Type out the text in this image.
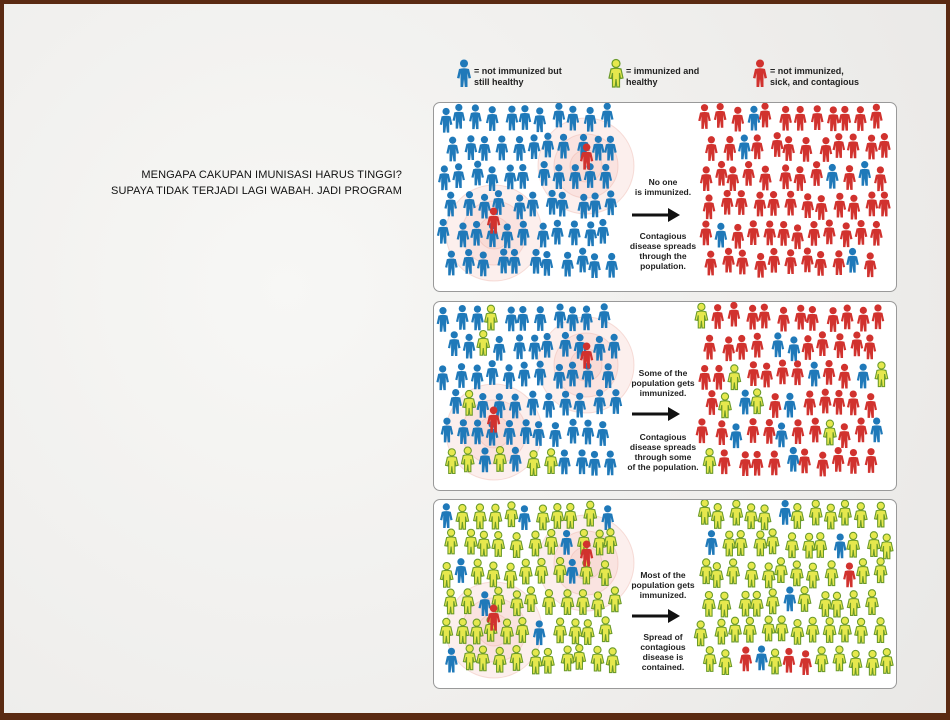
MENGAPA CAKUPAN IMUNISASI HARUS TINGGI?
SUPAYA TIDAK TERJADI LAGI WABAH. JADI PROGRAM
= not immunized but
still healthy
= immunized and
healthy
= not immunized,
sick, and contagious
No one
is immunized.
Contagious
disease spreads
through the
population.
Some of the
population gets
immunized.
Contagious
disease spreads
through some
of the population.
Most of the
population gets
immunized.
Spread of
contagious
disease is
contained.
